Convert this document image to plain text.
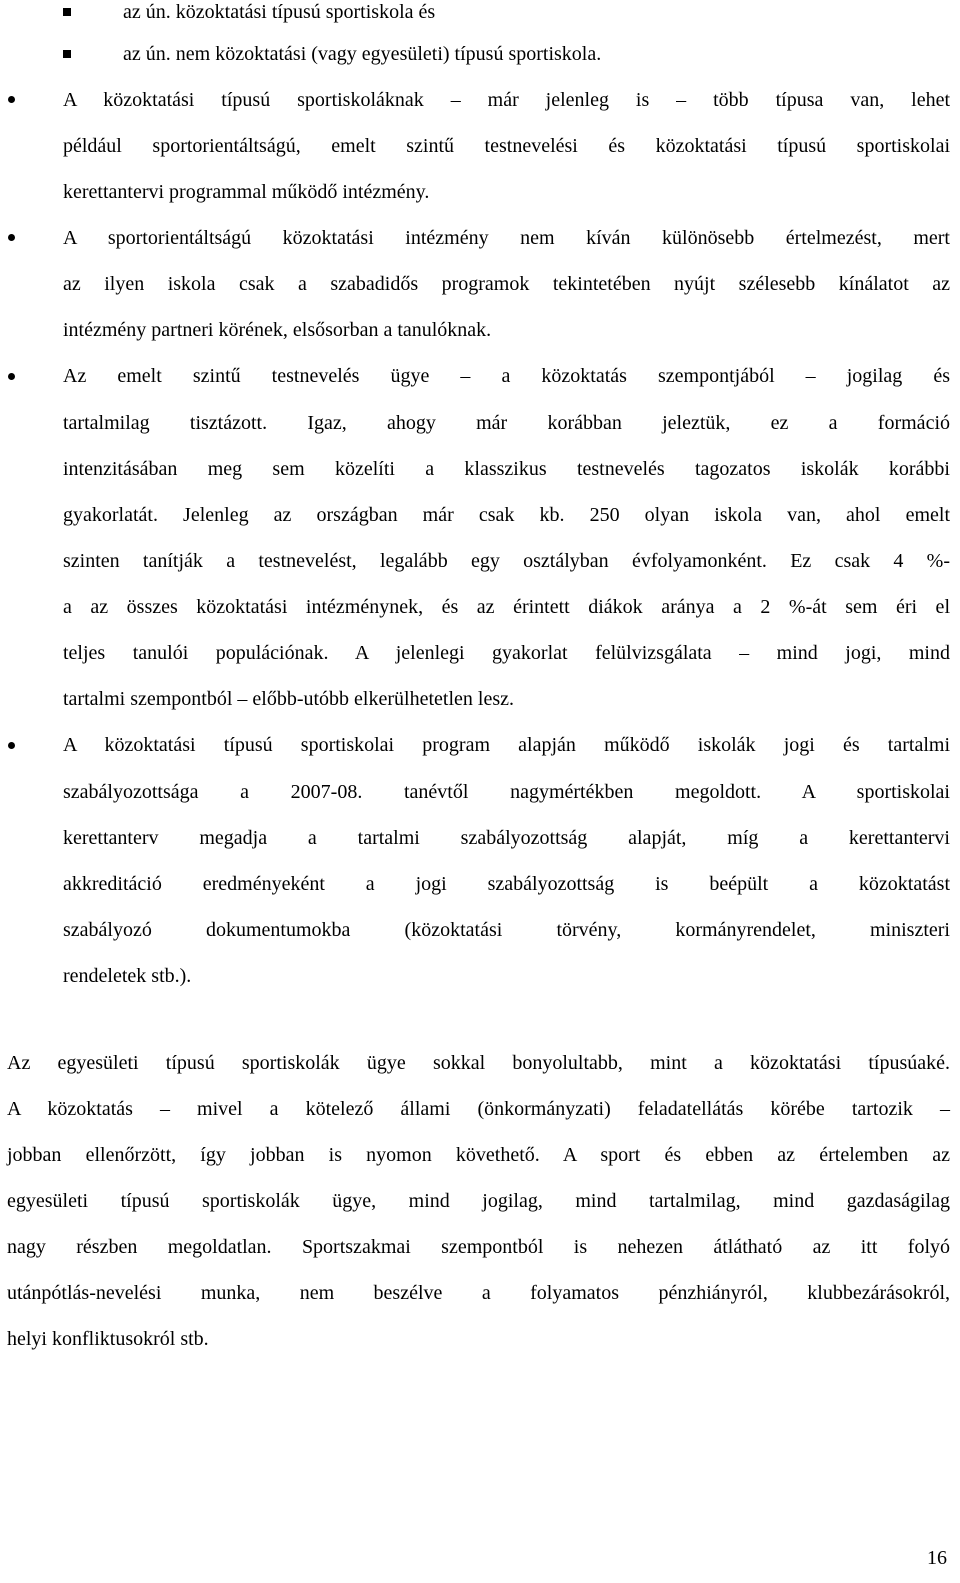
az ún. közoktatási típusú sportiskola és
az ún. nem közoktatási (vagy egyesületi) típusú sportiskola.
A közoktatási típusú sportiskoláknak – már jelenleg is – több típusa van, lehet
például sportorientáltságú, emelt szintű testnevelési és közoktatási típusú sportiskolai
kerettantervi programmal működő intézmény.
A sportorientáltságú közoktatási intézmény nem kíván különösebb értelmezést, mert
az ilyen iskola csak a szabadidős programok tekintetében nyújt szélesebb kínálatot az
intézmény partneri körének, elsősorban a tanulóknak.
Az emelt szintű testnevelés ügye – a közoktatás szempontjából – jogilag és
tartalmilag tisztázott. Igaz, ahogy már korábban jeleztük, ez a formáció
intenzitásában meg sem közelíti a klasszikus testnevelés tagozatos iskolák korábbi
gyakorlatát. Jelenleg az országban már csak kb. 250 olyan iskola van, ahol emelt
szinten tanítják a testnevelést, legalább egy osztályban évfolyamonként. Ez csak 4 %-
a az összes közoktatási intézménynek, és az érintett diákok aránya a 2 %-át sem éri el
teljes tanulói populációnak. A jelenlegi gyakorlat felülvizsgálata – mind jogi, mind
tartalmi szempontból – előbb-utóbb elkerülhetetlen lesz.
A közoktatási típusú sportiskolai program alapján működő iskolák jogi és tartalmi
szabályozottsága a 2007-08. tanévtől nagymértékben megoldott. A sportiskolai
kerettanterv megadja a tartalmi szabályozottság alapját, míg a kerettantervi
akkreditáció eredményeként a jogi szabályozottság is beépült a közoktatást
szabályozó dokumentumokba (közoktatási törvény, kormányrendelet, miniszteri
rendeletek stb.).
Az egyesületi típusú sportiskolák ügye sokkal bonyolultabb, mint a közoktatási típusúaké.
A közoktatás – mivel a kötelező állami (önkormányzati) feladatellátás körébe tartozik –
jobban ellenőrzött, így jobban is nyomon követhető. A sport és ebben az értelemben az
egyesületi típusú sportiskolák ügye, mind jogilag, mind tartalmilag, mind gazdaságilag
nagy részben megoldatlan. Sportszakmai szempontból is nehezen átlátható az itt folyó
utánpótlás-nevelési munka, nem beszélve a folyamatos pénzhiányról, klubbezárásokról,
helyi konfliktusokról stb.
16
